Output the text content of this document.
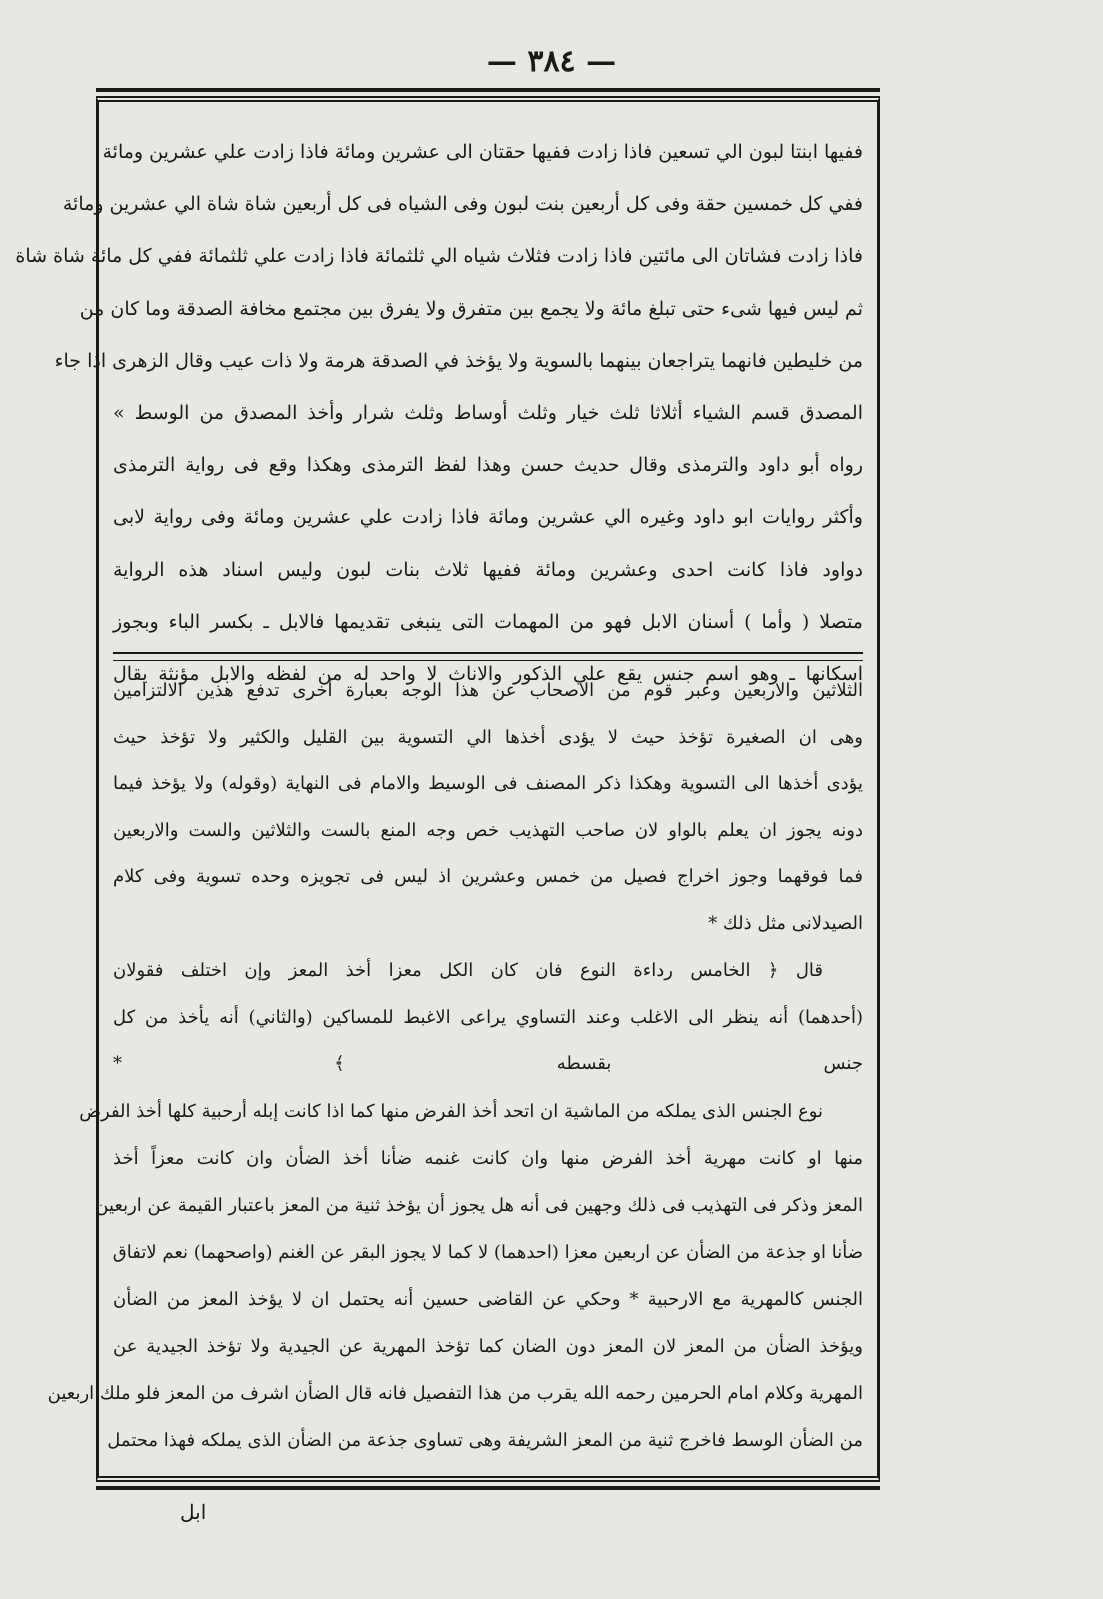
— ٣٨٤ —

ففيها ابنتا لبون الي تسعين فاذا زادت ففيها حقتان الى عشرين ومائة فاذا زادت علي عشرين ومائة

ففي كل خمسين حقة وفى كل أربعين بنت لبون وفى الشياه فى كل أربعين شاة شاة الي عشرين ومائة

فاذا زادت فشاتان الى مائتين فاذا زادت فثلاث شياه الي ثلثمائة فاذا زادت علي ثلثمائة ففي كل مائة شاة شاة

ثم ليس فيها شىء حتى تبلغ مائة ولا يجمع بين متفرق ولا يفرق بين مجتمع مخافة الصدقة وما كان من

من خليطين فانهما يتراجعان بينهما بالسوية ولا يؤخذ في الصدقة هرمة ولا ذات عيب وقال الزهرى اذا جاء

المصدق قسم الشياء أثلاثا ثلث خيار وثلث أوساط وثلث شرار وأخذ المصدق من الوسط »

رواه أبو داود والترمذى وقال حديث حسن وهذا لفظ الترمذى وهكذا وقع فى رواية الترمذى

وأكثر روايات ابو داود وغيره الي عشرين ومائة فاذا زادت علي عشرين ومائة وفى رواية لابى

دواود فاذا كانت احدى وعشرين ومائة ففيها ثلاث بنات لبون وليس اسناد هذه الرواية

متصلا ( وأما ) أسنان الابل فهو من المهمات التى ينبغى تقديمها فالابل ـ بكسر الباء وبجوز

اسكانها ـ وهو اسم جنس يقع علي الذكور والاناث لا واحد له من لفظه والابل مؤنثة يقال

الثلاثين والاربعين وعبر قوم من الاصحاب عن هذا الوجه بعبارة أخرى تدفع هذين الالتزامين

وهى ان الصغيرة تؤخذ حيث لا يؤدى أخذها الي التسوية بين القليل والكثير ولا تؤخذ حيث

يؤدى أخذها الى التسوية وهكذا ذكر المصنف فى الوسيط والامام فى النهاية (وقوله) ولا يؤخذ فيما

دونه يجوز ان يعلم بالواو لان صاحب التهذيب خص وجه المنع بالست والثلاثين والست والاربعين

فما فوقهما وجوز اخراج فصيل من خمس وعشرين اذ ليس فى تجويزه وحده تسوية وفى كلام

الصيدلانى مثل ذلك *

قال ﴿ الخامس رداءة النوع فان كان الكل معزا أخذ المعز وإن اختلف فقولان

(أحدهما) أنه ينظر الى الاغلب وعند التساوي يراعى الاغبط للمساكين (والثاني) أنه يأخذ من كل

جنس بقسطه ﴾ *

نوع الجنس الذى يملكه من الماشية ان اتحد أخذ الفرض منها كما اذا كانت إبله أرحبية كلها أخذ الفرض

منها او كانت مهرية أخذ الفرض منها وان كانت غنمه ضأنا أخذ الضأن وان كانت معزاً أخذ

المعز وذكر فى التهذيب فى ذلك وجهين فى أنه هل يجوز أن يؤخذ ثنية من المعز باعتبار القيمة عن اربعين

ضأنا او جذعة من الضأن عن اربعين معزا (احدهما) لا كما لا يجوز البقر عن الغنم (واصحهما) نعم لاتفاق

الجنس كالمهرية مع الارحبية * وحكي عن القاضى حسين أنه يحتمل ان لا يؤخذ المعز من الضأن

ويؤخذ الضأن من المعز لان المعز دون الضان كما تؤخذ المهرية عن الجيدية ولا تؤخذ الجيدية عن

المهرية وكلام امام الحرمين رحمه الله يقرب من هذا التفصيل فانه قال الضأن اشرف من المعز فلو ملك اربعين

من الضأن الوسط فاخرج ثنية من المعز الشريفة وهى تساوى جذعة من الضأن الذى يملكه فهذا محتمل

ابل
